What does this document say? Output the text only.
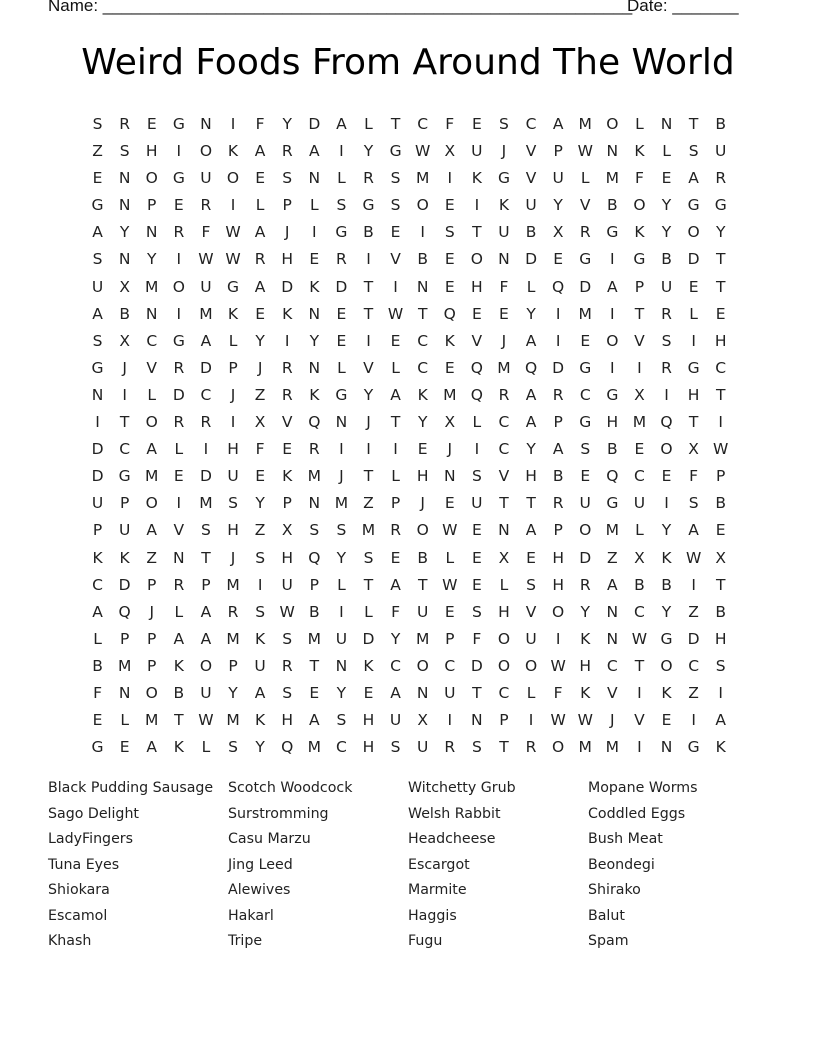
Name: ________________________________________________________
Date: _______
Weird Foods From Around The World
S	R	E	G N	I	F	Y	D	A	L	T	C	F	E	S	C	A M O	L	N	T	B
Z	S	H	I	O	K	A	R	A	I	Y	G W X	U	J	V	P W N	K	L	S	U
E	N O G U O	E	S	N	L	R	S M	I	K	G	V	U	L	M	F	E	A	R
G N	P	E	R	I	L	P	L	S	G	S	O	E	I	K	U	Y	V	B	O	Y	G G
A	Y	N	R	F W A	J	I	G	B	E	I	S	T	U	B	X	R	G	K	Y	O	Y
S	N	Y	I	W W R	H	E	R	I	V	B	E	O N D	E	G	I	G	B	D	T
U	X M O U G	A	D	K	D	T	I	N	E	H	F	L	Q D	A	P	U	E	T
A	B	N	I	M K	E	K	N	E	T W T	Q	E	E	Y	I	M	I	T	R	L	E
S	X	C	G	A	L	Y	I	Y	E	I	E	C	K	V	J	A	I	E	O	V	S	I	H
G	J	V	R	D	P	J	R	N	L	V	L	C	E	Q M Q D G	I	I	R	G	C
N	I	L	D	C	J	Z	R	K	G	Y	A	K M Q	R	A	R	C	G	X	I	H	T
I	T	O	R	R	I	X	V	Q N	J	T	Y	X	L	C	A	P	G H M Q	T	I
D	C	A	L	I	H	F	E	R	I	I	I	E	J	I	C	Y	A	S	B	E	O	X W
D G M	E	D U	E	K M	J	T	L	H N	S	V	H	B	E	Q	C	E	F	P
U	P	O	I	M S	Y	P	N M Z	P	J	E	U	T	T	R	U G U	I	S	B
P	U	A	V	S	H	Z	X	S	S M R	O W E	N	A	P	O M	L	Y	A	E
K	K	Z	N	T	J	S	H Q	Y	S	E	B	L	E	X	E	H D	Z	X	K W X
C	D	P	R	P	M	I	U	P	L	T	A	T W E	L	S	H	R	A	B	B	I	T
A	Q	J	L	A	R	S W B	I	L	F	U	E	S	H	V	O	Y	N	C	Y	Z	B
L	P	P	A	A M K	S M U D	Y	M	P	F	O U	I	K	N W G D H
B M	P	K	O	P	U	R	T	N	K	C	O	C	D O O W H	C	T	O	C	S
F	N O	B	U	Y	A	S	E	Y	E	A	N	U	T	C	L	F	K	V	I	K	Z	I
E	L	M	T W M K	H	A	S	H	U	X	I	N	P	I	W W	J	V	E	I	A
G	E	A	K	L	S	Y	Q M C	H	S	U	R	S	T	R	O M M	I	N G	K
Black Pudding Sausage	Scotch Woodcock	Witchetty Grub	Mopane Worms
Sago Delight	Surstromming	Welsh Rabbit	Coddled Eggs
LadyFingers	Casu Marzu	Headcheese	Bush Meat
Tuna Eyes	Jing Leed	Escargot	Beondegi
Shiokara	Alewives	Marmite	Shirako
Escamol	Hakarl	Haggis	Balut
Khash	Tripe	Fugu	Spam
